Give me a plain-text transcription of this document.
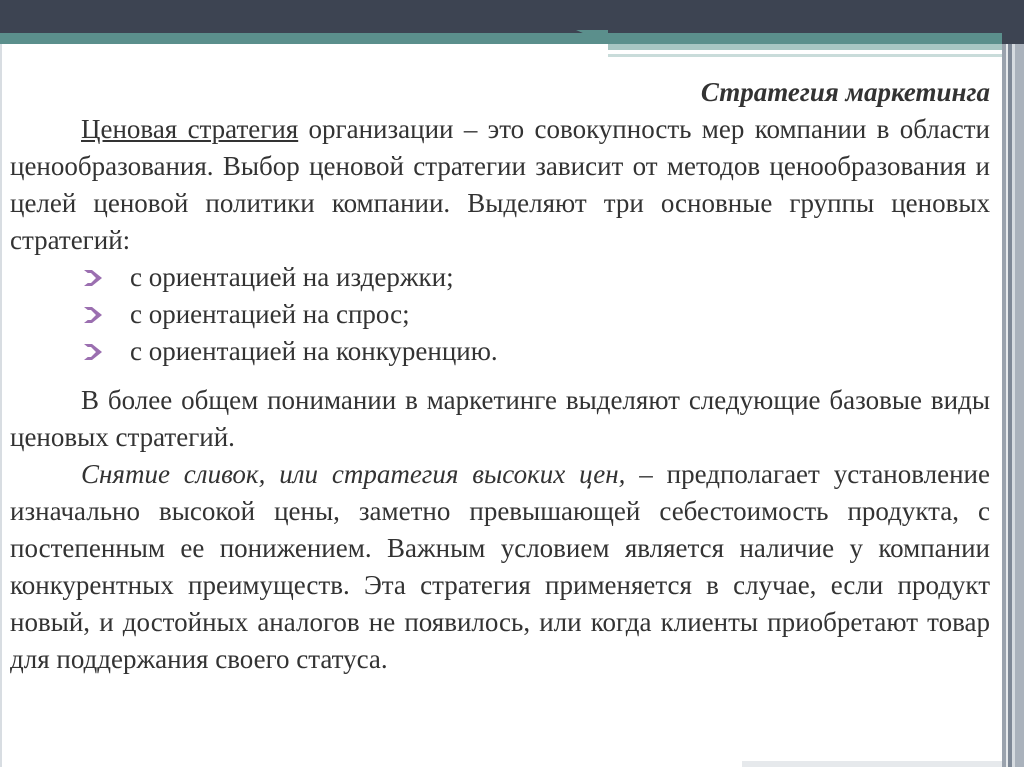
Стратегия маркетинга

Ценовая стратегия организации – это совокупность мер компании в области ценообразования. Выбор ценовой стратегии зависит от методов ценообразования и целей ценовой политики компании. Выделяют три основные группы ценовых стратегий:

с ориентацией на издержки;
с ориентацией на спрос;
с ориентацией на конкуренцию.

В более общем понимании в маркетинге выделяют следующие базовые виды ценовых стратегий.

Снятие сливок, или стратегия высоких цен, – предполагает установление изначально высокой цены, заметно превышающей себестоимость продукта, с постепенным ее понижением. Важным условием является наличие у компании конкурентных преимуществ. Эта стратегия применяется в случае, если продукт новый, и достойных аналогов не появилось, или когда клиенты приобретают товар для поддержания своего статуса.
